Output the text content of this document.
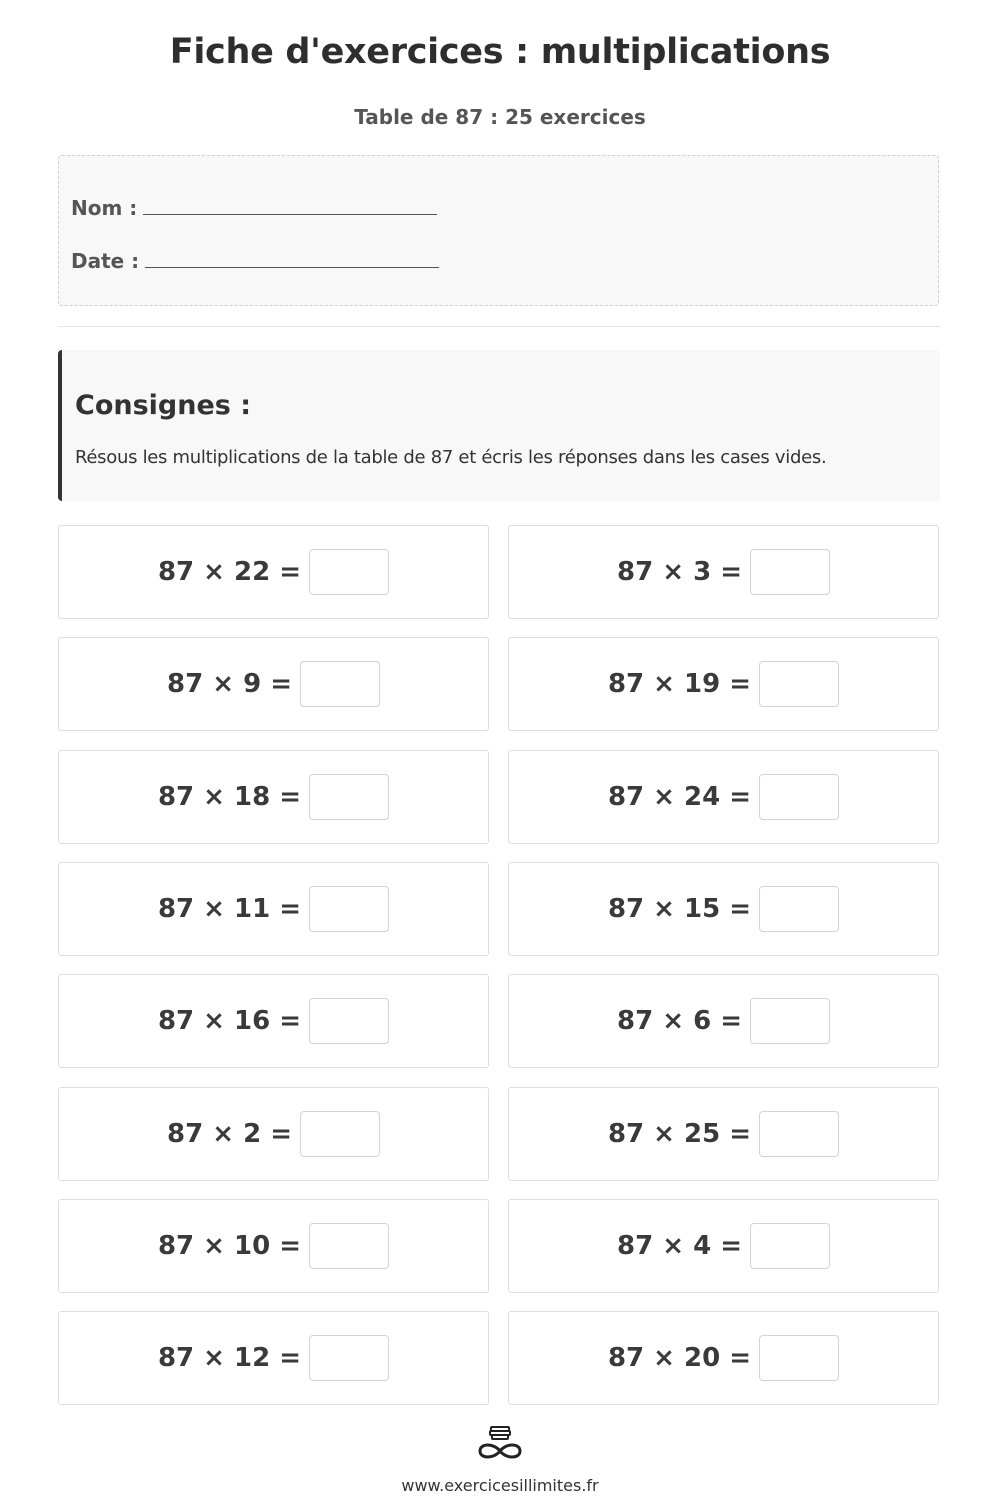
Fiche d'exercices : multiplications
Table de 87 : 25 exercices
Nom :
Date :
Consignes :
Résous les multiplications de la table de 87 et écris les réponses dans les cases vides.
87 × 22 =	87 × 3 =
87 × 9 =	87 × 19 =
87 × 18 =	87 × 24 =
87 × 11 =	87 × 15 =
87 × 16 =	87 × 6 =
87 × 2 =	87 × 25 =
87 × 10 =	87 × 4 =
87 × 12 =	87 × 20 =
www.exercicesillimites.fr
